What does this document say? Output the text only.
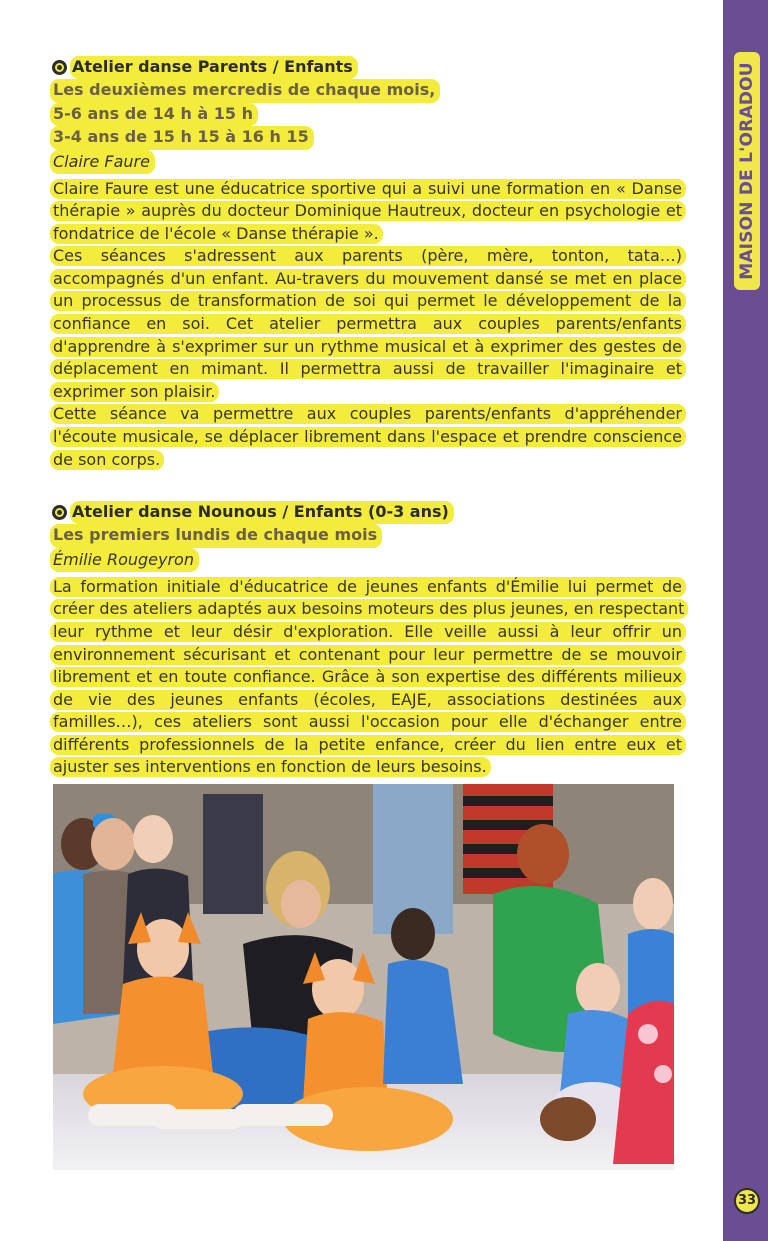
MAISON DE L'ORADOU
33
Atelier danse Parents / Enfants
Les deuxièmes mercredis de chaque mois,
5-6 ans de 14 h à 15 h
3-4 ans de 15 h 15 à 16 h 15
Claire Faure

Claire Faure est une éducatrice sportive qui a suivi une formation en « Danse thérapie » auprès du docteur Dominique Hautreux, docteur en psychologie et fondatrice de l'école « Danse thérapie ».

Ces séances s'adressent aux parents (père, mère, tonton, tata…) accompagnés d'un enfant. Au-travers du mouvement dansé se met en place un processus de transformation de soi qui permet le développement de la confiance en soi. Cet atelier permettra aux couples parents/enfants d'apprendre à s'exprimer sur un rythme musical et à exprimer des gestes de déplacement en mimant. Il permettra aussi de travailler l'imaginaire et exprimer son plaisir.

Cette séance va permettre aux couples parents/enfants d'appréhender l'écoute musicale, se déplacer librement dans l'espace et prendre conscience de son corps.

Atelier danse Nounous / Enfants (0-3 ans)
Les premiers lundis de chaque mois
Émilie Rougeyron

La formation initiale d'éducatrice de jeunes enfants d'Émilie lui permet de créer des ateliers adaptés aux besoins moteurs des plus jeunes, en respectant leur rythme et leur désir d'exploration. Elle veille aussi à leur offrir un environnement sécurisant et contenant pour leur permettre de se mouvoir librement et en toute confiance. Grâce à son expertise des différents milieux de vie des jeunes enfants (écoles, EAJE, associations destinées aux familles…), ces ateliers sont aussi l'occasion pour elle d'échanger entre différents professionnels de la petite enfance, créer du lien entre eux et ajuster ses interventions en fonction de leurs besoins.
